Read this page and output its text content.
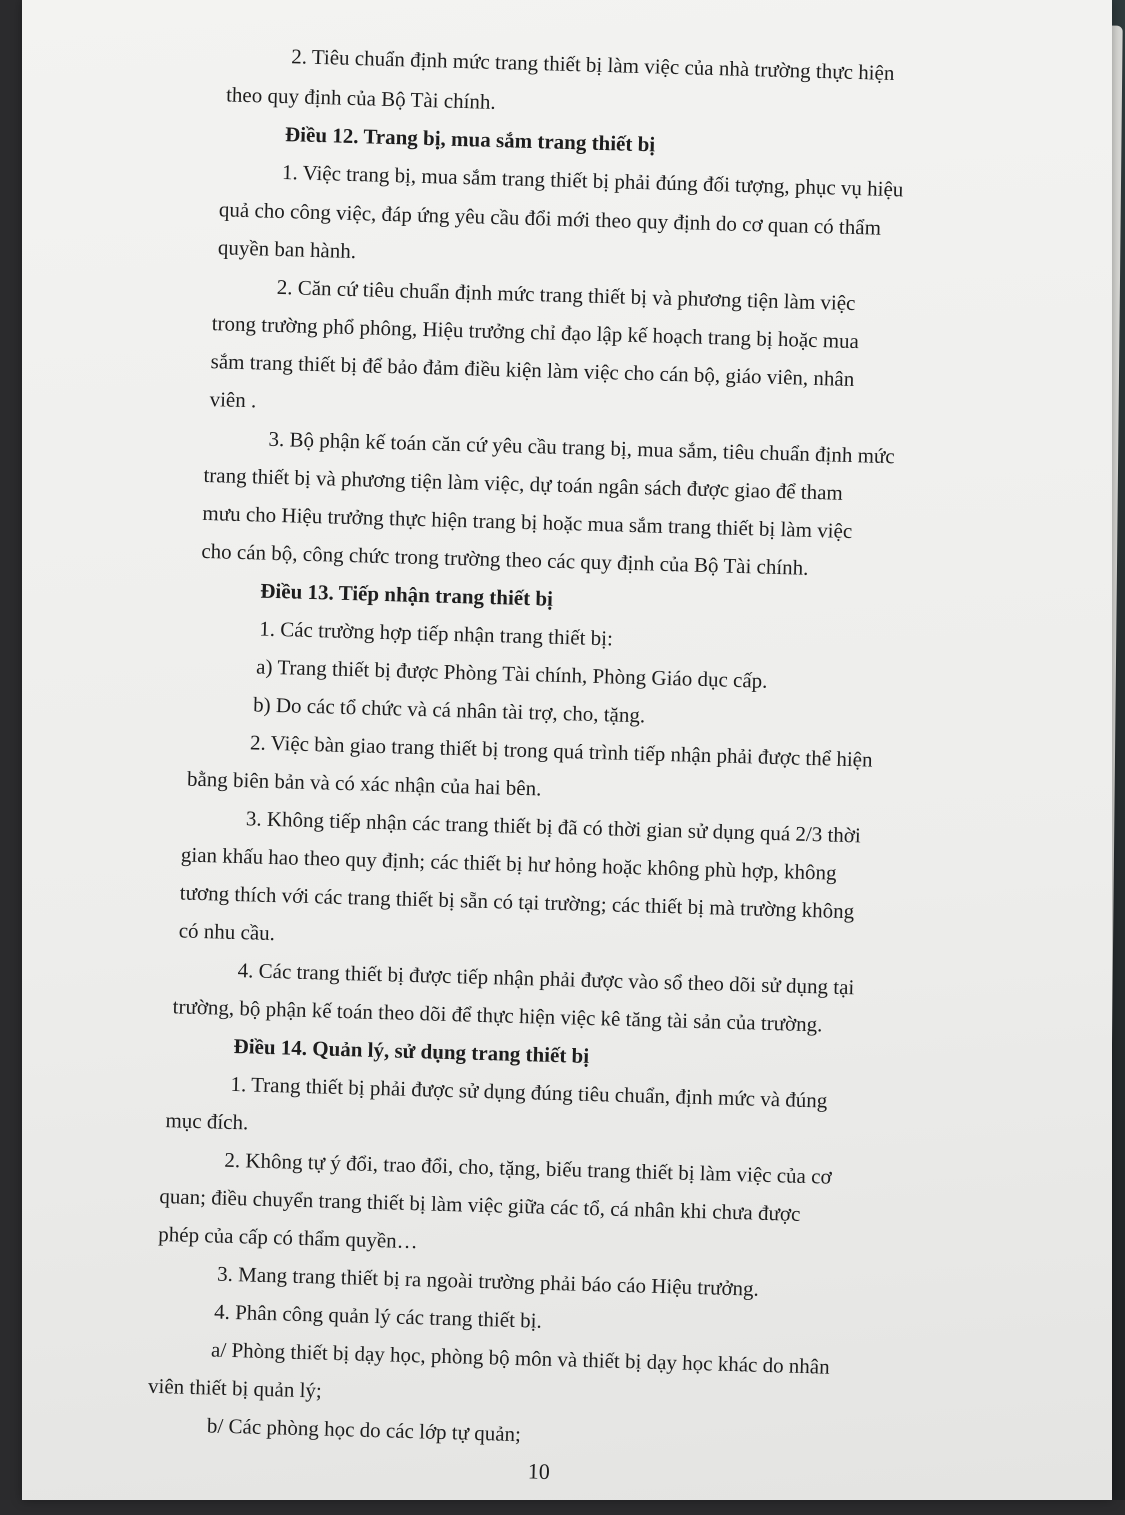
2. Tiêu chuẩn định mức trang thiết bị làm việc của nhà trường thực hiện
theo quy định của Bộ Tài chính.
Điều 12. Trang bị, mua sắm trang thiết bị
1. Việc trang bị, mua sắm trang thiết bị phải đúng đối tượng, phục vụ hiệu
quả cho công việc, đáp ứng yêu cầu đổi mới theo quy định do cơ quan có thẩm
quyền ban hành.
2. Căn cứ tiêu chuẩn định mức trang thiết bị và phương tiện làm việc
trong trường phổ phông, Hiệu trưởng chỉ đạo lập kế hoạch trang bị hoặc mua
sắm trang thiết bị để bảo đảm điều kiện làm việc cho cán bộ, giáo viên, nhân
viên .
3. Bộ phận kế toán căn cứ yêu cầu trang bị, mua sắm, tiêu chuẩn định mức
trang thiết bị và phương tiện làm việc, dự toán ngân sách được giao để tham
mưu cho Hiệu trưởng thực hiện trang bị hoặc mua sắm trang thiết bị làm việc
cho cán bộ, công chức trong trường theo các quy định của Bộ Tài chính.
Điều 13. Tiếp nhận trang thiết bị
1. Các trường hợp tiếp nhận trang thiết bị:
a) Trang thiết bị được Phòng Tài chính, Phòng Giáo dục cấp.
b) Do các tổ chức và cá nhân tài trợ, cho, tặng.
2. Việc bàn giao trang thiết bị trong quá trình tiếp nhận phải được thể hiện
bằng biên bản và có xác nhận của hai bên.
3. Không tiếp nhận các trang thiết bị đã có thời gian sử dụng quá 2/3 thời
gian khấu hao theo quy định; các thiết bị hư hỏng hoặc không phù hợp, không
tương thích với các trang thiết bị sẵn có tại trường; các thiết bị mà trường không
có nhu cầu.
4. Các trang thiết bị được tiếp nhận phải được vào sổ theo dõi sử dụng tại
trường, bộ phận kế toán theo dõi để thực hiện việc kê tăng tài sản của trường.
Điều 14. Quản lý, sử dụng trang thiết bị
1. Trang thiết bị phải được sử dụng đúng tiêu chuẩn, định mức và đúng
mục đích.
2. Không tự ý đổi, trao đổi, cho, tặng, biếu trang thiết bị làm việc của cơ
quan; điều chuyển trang thiết bị làm việc giữa các tổ, cá nhân khi chưa được
phép của cấp có thẩm quyền…
3. Mang trang thiết bị ra ngoài trường phải báo cáo Hiệu trưởng.
4. Phân công quản lý các trang thiết bị.
a/ Phòng thiết bị dạy học, phòng bộ môn và thiết bị dạy học khác do nhân
viên thiết bị quản lý;
b/ Các phòng học do các lớp tự quản;
10
